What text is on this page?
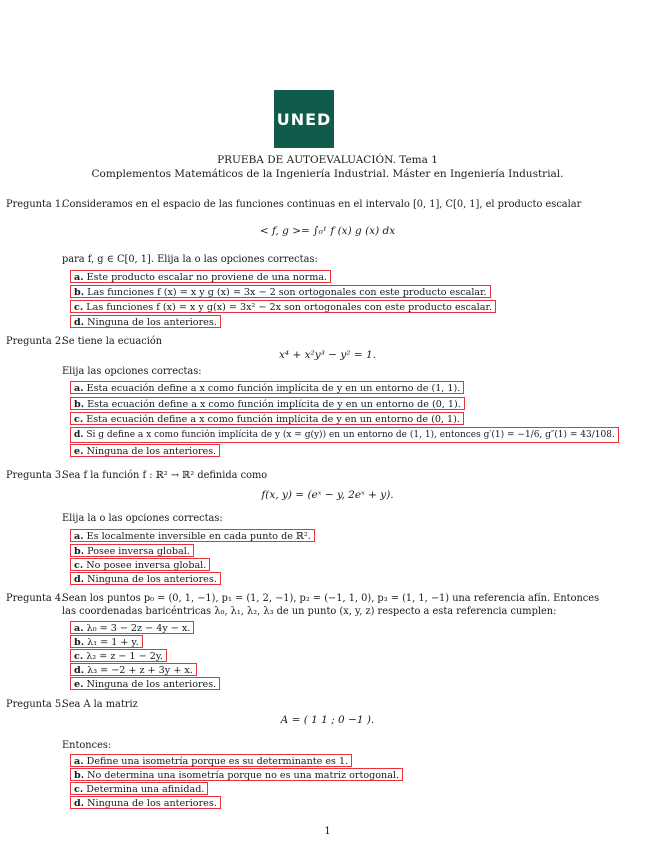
UNED
PRUEBA DE AUTOEVALUACIÓN. Tema 1
Complementos Matemáticos de la Ingeniería Industrial. Máster en Ingeniería Industrial.
Pregunta 1.
Consideramos en el espacio de las funciones continuas en el intervalo [0, 1], C[0, 1], el producto escalar
< f, g >= ∫₀¹ f (x) g (x) dx
para f, g ∈ C[0, 1]. Elija la o las opciones correctas:
a. Este producto escalar no proviene de una norma.
b. Las funciones f (x) = x y g (x) = 3x − 2 son ortogonales con este producto escalar.
c. Las funciones f (x) = x y g(x) = 3x² − 2x son ortogonales con este producto escalar.
d. Ninguna de los anteriores.
Pregunta 2.
Se tiene la ecuación
x⁴ + x²y³ − y² = 1.
Elija las opciones correctas:
a. Esta ecuación define a x como función implícita de y en un entorno de (1, 1).
b. Esta ecuación define a x como función implícita de y en un entorno de (0, 1).
c. Esta ecuación define a x como función implícita de y en un entorno de (0, 1).
d. Si g define a x como función implícita de y (x = g(y)) en un entorno de (1, 1), entonces g′(1) = −1/6, g″(1) = 43/108.
e. Ninguna de los anteriores.
Pregunta 3.
Sea f la función f : ℝ² → ℝ² definida como
f(x, y) = (eˣ − y, 2eˣ + y).
Elija la o las opciones correctas:
a. Es localmente inversible en cada punto de ℝ².
b. Posee inversa global.
c. No posee inversa global.
d. Ninguna de los anteriores.
Pregunta 4.
Sean los puntos p₀ = (0, 1, −1), p₁ = (1, 2, −1), p₂ = (−1, 1, 0), p₃ = (1, 1, −1) una referencia afín. Entonces
las coordenadas baricéntricas λ₀, λ₁, λ₂, λ₃ de un punto (x, y, z) respecto a esta referencia cumplen:
a. λ₀ = 3 − 2z − 4y − x.
b. λ₁ = 1 + y.
c. λ₂ = z − 1 − 2y.
d. λ₃ = −2 + z + 3y + x.
e. Ninguna de los anteriores.
Pregunta 5.
Sea A la matriz
A = ( 1 1 ; 0 −1 ).
Entonces:
a. Define una isometría porque es su determinante es 1.
b. No determina una isometría porque no es una matriz ortogonal.
c. Determina una afinidad.
d. Ninguna de los anteriores.
1
